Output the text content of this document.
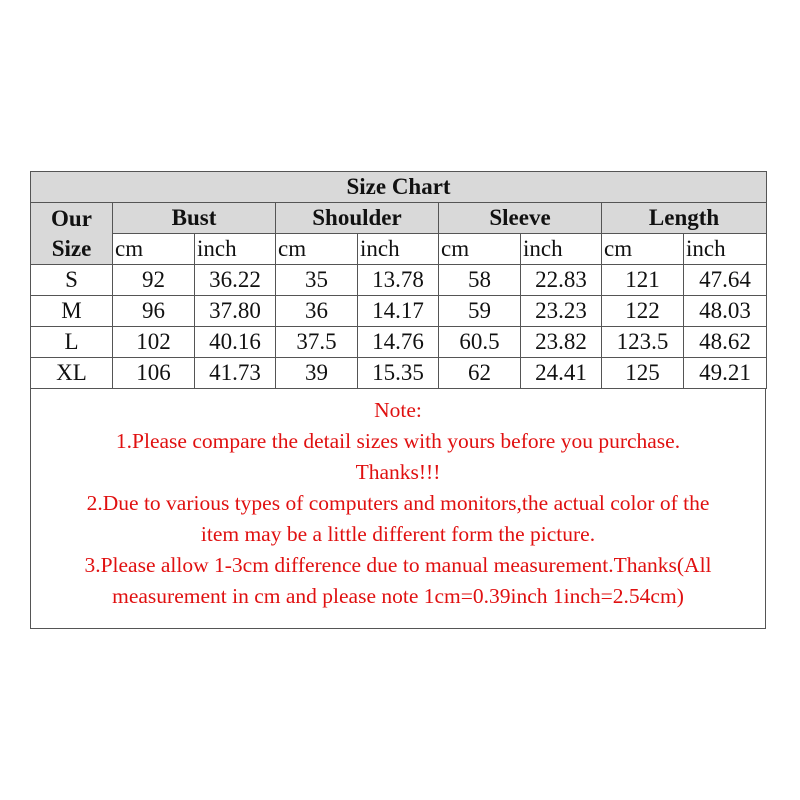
Size Chart								
Our
Size	Bust		Shoulder		Sleeve		Length	
	cm	inch	cm	inch	cm	inch	cm	inch
S	92	36.22	35	13.78	58	22.83	121	47.64
M	96	37.80	36	14.17	59	23.23	122	48.03
L	102	40.16	37.5	14.76	60.5	23.82	123.5	48.62
XL	106	41.73	39	15.35	62	24.41	125	49.21
Note:
1.Please compare the detail sizes with yours before you purchase.
Thanks!!!
2.Due to various types of computers and monitors,the actual color of the
item may be a little different form the picture.
3.Please allow 1-3cm difference due to manual measurement.Thanks(All
measurement in cm and please note 1cm=0.39inch 1inch=2.54cm)
